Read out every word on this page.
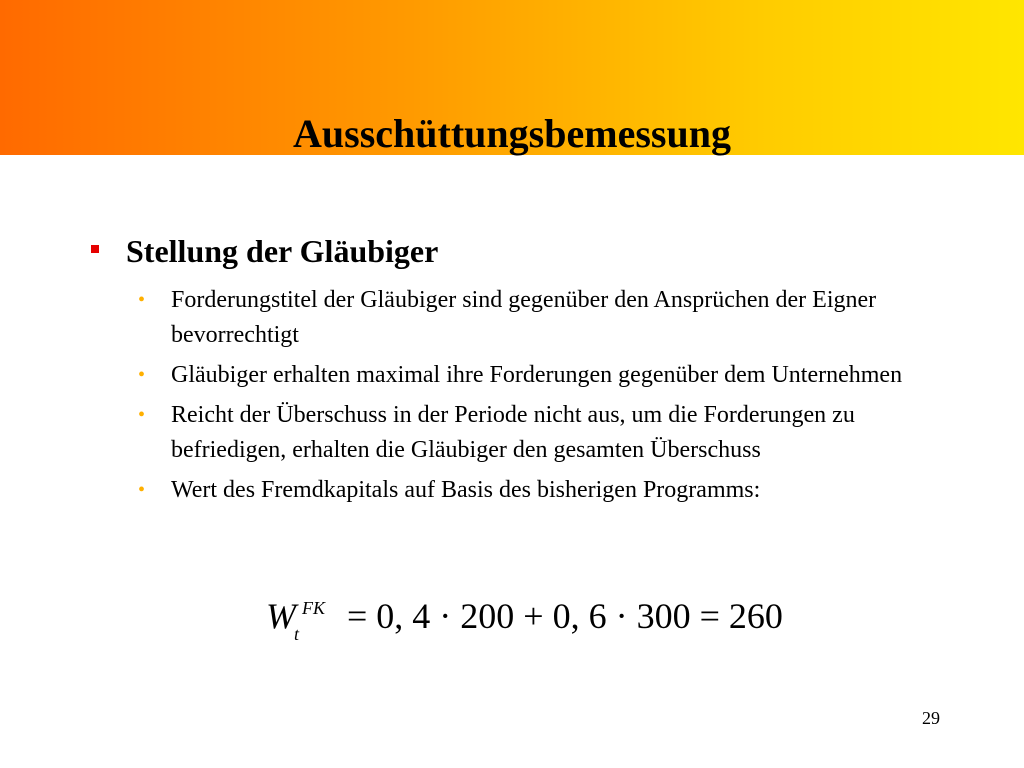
Ausschüttungsbemessung
Stellung der Gläubiger
• Forderungstitel der Gläubiger sind gegenüber den Ansprüchen der Eigner bevorrechtigt
• Gläubiger erhalten maximal ihre Forderungen gegenüber dem Unternehmen
• Reicht der Überschuss in der Periode nicht aus, um die Forderungen zu befriedigen, erhalten die Gläubiger den gesamten Überschuss
• Wert des Fremdkapitals auf Basis des bisherigen Programms:
W FK
t = 0, 4 · 200 + 0, 6 · 300 = 260
29
